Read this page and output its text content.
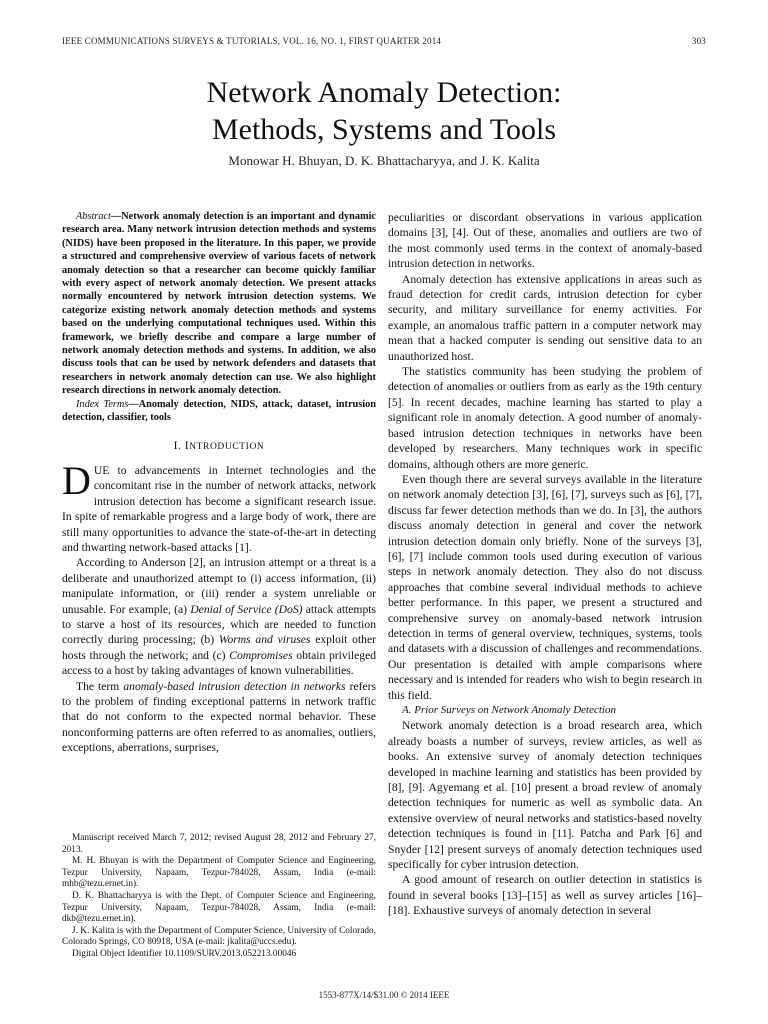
IEEE COMMUNICATIONS SURVEYS & TUTORIALS, VOL. 16, NO. 1, FIRST QUARTER 2014	303
Network Anomaly Detection:
Methods, Systems and Tools
Monowar H. Bhuyan, D. K. Bhattacharyya, and J. K. Kalita

Abstract—Network anomaly detection is an important and dynamic research area. Many network intrusion detection methods and systems (NIDS) have been proposed in the literature. In this paper, we provide a structured and comprehensive overview of various facets of network anomaly detection so that a researcher can become quickly familiar with every aspect of network anomaly detection. We present attacks normally encountered by network intrusion detection systems. We categorize existing network anomaly detection methods and systems based on the underlying computational techniques used. Within this framework, we briefly describe and compare a large number of network anomaly detection methods and systems. In addition, we also discuss tools that can be used by network defenders and datasets that researchers in network anomaly detection can use. We also highlight research directions in network anomaly detection.

Index Terms—Anomaly detection, NIDS, attack, dataset, intrusion detection, classifier, tools

I. INTRODUCTION

DUE to advancements in Internet technologies and the concomitant rise in the number of network attacks, network intrusion detection has become a significant research issue. In spite of remarkable progress and a large body of work, there are still many opportunities to advance the state-of-the-art in detecting and thwarting network-based attacks [1].

According to Anderson [2], an intrusion attempt or a threat is a deliberate and unauthorized attempt to (i) access information, (ii) manipulate information, or (iii) render a system unreliable or unusable. For example, (a) Denial of Service (DoS) attack attempts to starve a host of its resources, which are needed to function correctly during processing; (b) Worms and viruses exploit other hosts through the network; and (c) Compromises obtain privileged access to a host by taking advantages of known vulnerabilities.

The term anomaly-based intrusion detection in networks refers to the problem of finding exceptional patterns in network traffic that do not conform to the expected normal behavior. These nonconforming patterns are often referred to as anomalies, outliers, exceptions, aberrations, surprises,

Manuscript received March 7, 2012; revised August 28, 2012 and February 27, 2013.

M. H. Bhuyan is with the Department of Computer Science and Engineering, Tezpur University, Napaam, Tezpur-784028, Assam, India (e-mail: mhb@tezu.ernet.in).

D. K. Bhattacharyya is with the Dept. of Computer Science and Engineering, Tezpur University, Napaam, Tezpur-784028, Assam, India (e-mail: dkb@tezu.ernet.in).

J. K. Kalita is with the Department of Computer Science, University of Colorado, Colorado Springs, CO 80918, USA (e-mail: jkalita@uccs.edu).

Digital Object Identifier 10.1109/SURV.2013.052213.00046

peculiarities or discordant observations in various application domains [3], [4]. Out of these, anomalies and outliers are two of the most commonly used terms in the context of anomaly-based intrusion detection in networks.

Anomaly detection has extensive applications in areas such as fraud detection for credit cards, intrusion detection for cyber security, and military surveillance for enemy activities. For example, an anomalous traffic pattern in a computer network may mean that a hacked computer is sending out sensitive data to an unauthorized host.

The statistics community has been studying the problem of detection of anomalies or outliers from as early as the 19th century [5]. In recent decades, machine learning has started to play a significant role in anomaly detection. A good number of anomaly-based intrusion detection techniques in networks have been developed by researchers. Many techniques work in specific domains, although others are more generic.

Even though there are several surveys available in the literature on network anomaly detection [3], [6], [7], surveys such as [6], [7], discuss far fewer detection methods than we do. In [3], the authors discuss anomaly detection in general and cover the network intrusion detection domain only briefly. None of the surveys [3], [6], [7] include common tools used during execution of various steps in network anomaly detection. They also do not discuss approaches that combine several individual methods to achieve better performance. In this paper, we present a structured and comprehensive survey on anomaly-based network intrusion detection in terms of general overview, techniques, systems, tools and datasets with a discussion of challenges and recommendations. Our presentation is detailed with ample comparisons where necessary and is intended for readers who wish to begin research in this field.

A. Prior Surveys on Network Anomaly Detection

Network anomaly detection is a broad research area, which already boasts a number of surveys, review articles, as well as books. An extensive survey of anomaly detection techniques developed in machine learning and statistics has been provided by [8], [9]. Agyemang et al. [10] present a broad review of anomaly detection techniques for numeric as well as symbolic data. An extensive overview of neural networks and statistics-based novelty detection techniques is found in [11]. Patcha and Park [6] and Snyder [12] present surveys of anomaly detection techniques used specifically for cyber intrusion detection.

A good amount of research on outlier detection in statistics is found in several books [13]–[15] as well as survey articles [16]–[18]. Exhaustive surveys of anomaly detection in several

1553-877X/14/$31.00 © 2014 IEEE
